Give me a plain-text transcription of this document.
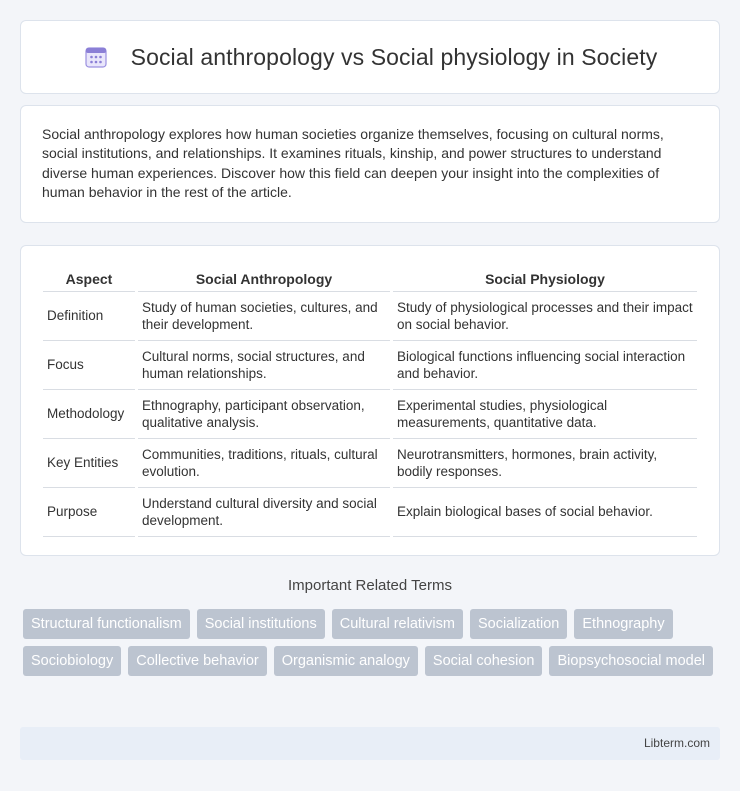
Social anthropology vs Social physiology in Society

Social anthropology explores how human societies organize themselves, focusing on cultural norms, social institutions, and relationships. It examines rituals, kinship, and power structures to understand diverse human experiences. Discover how this field can deepen your insight into the complexities of human behavior in the rest of the article.

Aspect	Social Anthropology	Social Physiology
Definition	Study of human societies, cultures, and their development.	Study of physiological processes and their impact on social behavior.
Focus	Cultural norms, social structures, and human relationships.	Biological functions influencing social interaction and behavior.
Methodology	Ethnography, participant observation, qualitative analysis.	Experimental studies, physiological measurements, quantitative data.
Key Entities	Communities, traditions, rituals, cultural evolution.	Neurotransmitters, hormones, brain activity, bodily responses.
Purpose	Understand cultural diversity and social development.	Explain biological bases of social behavior.
Important Related Terms
Structural functionalism	Social institutions	Cultural relativism	Socialization	Ethnography
Sociobiology	Collective behavior	Organismic analogy	Social cohesion	Biopsychosocial model
Libterm.com
